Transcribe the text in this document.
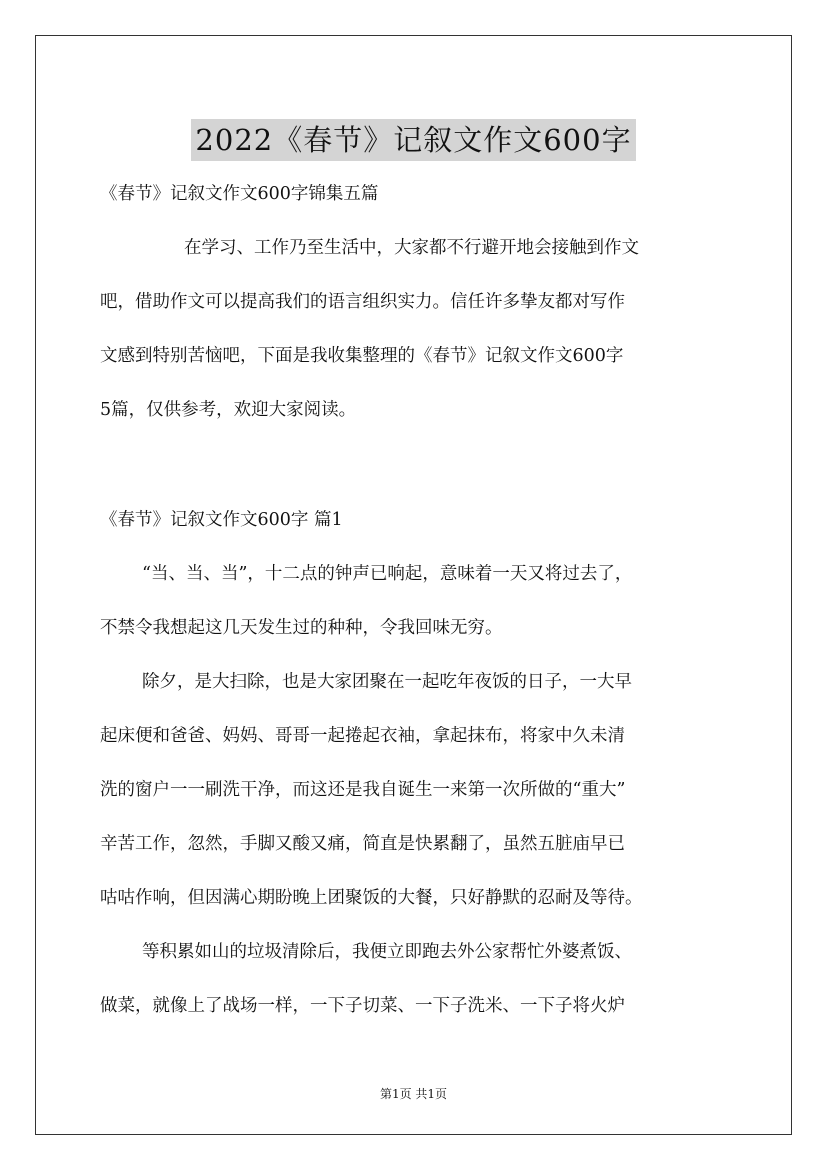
2022《春节》记叙文作文600字
《春节》记叙文作文600字锦集五篇
在学习、工作乃至生活中，大家都不行避开地会接触到作文
吧，借助作文可以提高我们的语言组织实力。信任许多挚友都对写作
文感到特别苦恼吧，下面是我收集整理的《春节》记叙文作文600字
5篇，仅供参考，欢迎大家阅读。
《春节》记叙文作文600字 篇1
“当、当、当”，十二点的钟声已响起，意味着一天又将过去了，
不禁令我想起这几天发生过的种种，令我回味无穷。
除夕，是大扫除，也是大家团聚在一起吃年夜饭的日子，一大早
起床便和爸爸、妈妈、哥哥一起捲起衣袖，拿起抹布，将家中久未清
洗的窗户一一刷洗干净，而这还是我自诞生一来第一次所做的“重大”
辛苦工作，忽然，手脚又酸又痛，简直是快累翻了，虽然五脏庙早已
咕咕作响，但因满心期盼晚上团聚饭的大餐，只好静默的忍耐及等待。
等积累如山的垃圾清除后，我便立即跑去外公家帮忙外婆煮饭、
做菜，就像上了战场一样，一下子切菜、一下子洗米、一下子将火炉
第1页 共1页
